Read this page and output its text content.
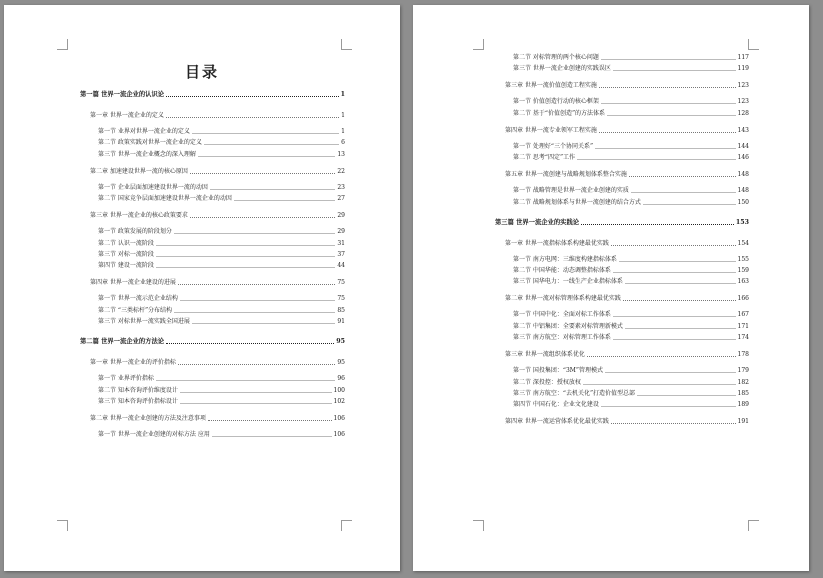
目录
第一篇 世界一流企业的认识论	1
第一章 世界一流企业的定义	1
第一节 业界对世界一流企业的定义	1
第二节 政策实践对世界一流企业的定义	6
第三节 世界一流企业概念的深入理解	13
第二章 加速建设世界一流的核心原因	22
第一节 企业层面加速建设世界一流的动因	23
第二节 国家竞争层面加速建设世界一流企业的动因	27
第三章 世界一流企业的核心政策要求	29
第一节 政策发展的阶段划分	29
第二节 认识一流阶段	31
第三节 对标一流阶段	37
第四节 建设一流阶段	44
第四章 世界一流企业建设的进展	75
第一节 世界一流示范企业结构	75
第二节 “三类标杆”分布结构	85
第三节 对标世界一流实践全国进展	91
第二篇 世界一流企业的方法论	95
第一章 世界一流企业的评价指标	95
第一节 业界评价指标	96
第二节 知本咨询评价维度设计	100
第三节 知本咨询评价指标设计	102
第二章 世界一流企业创建的方法及注意事项	106
第一节 世界一流企业创建的对标方法 应用	106
第二节 对标管理的两个核心问题	117
第三节 世界一流企业创建的实践误区	119
第三章 世界一流价值创造工程实施	123
第一节 价值创造行动的核心框架	123
第二节 基于“价值创造”的方法体系	128
第四章 世界一流专业领军工程实施	143
第一节 处理好“三个协同关系”	144
第二节 思考“四定”工作	146
第五章 世界一流创建与战略规划体系整合实施	148
第一节 战略管理是世界一流企业创建的实质	148
第二节 战略规划体系与世界一流创建的结合方式	150
第三篇 世界一流企业的实践论	153
第一章 世界一流指标体系构建最优实践	154
第一节 南方电网：三维度构建指标体系	155
第二节 中国华能：动态调整指标体系	159
第三节 国华电力：一线生产企业指标体系	163
第二章 世界一流对标管理体系构建最优实践	166
第一节 中国中化：全面对标工作体系	167
第二节 中铝集团：全要素对标管理新模式	171
第三节 南方航空：对标管理工作体系	174
第三章 世界一流组织体系优化	178
第一节 国投集团：“3M”管理模式	179
第二节 深投控：授权放权	182
第三节 南方航空：“去机关化”打造价值型总部	185
第四节 中国石化：企业文化建设	189
第四章 世界一流运营体系优化最优实践	191
